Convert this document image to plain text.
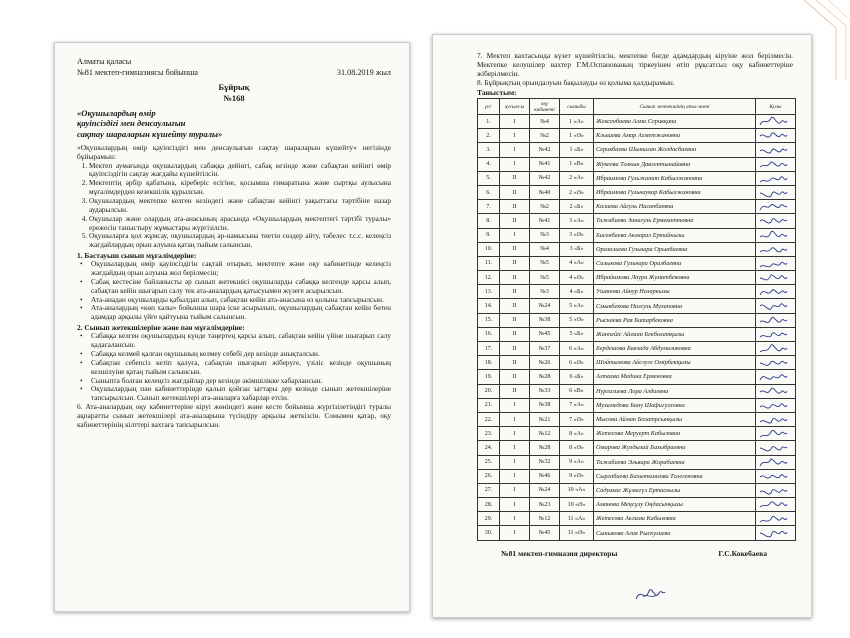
Алматы қаласы
№81 мектеп-гимназиясы бойынша	31.08.2019 жыл
Бұйрық
№168
«Оқушылардың өмір
қауіпсіздігі мен денсаулығын
сақтау шараларын күшейту туралы»

«Оқушылардың өмір қауіпсіздігі мен денсаулығын сақтау шараларын күшейту» негізінде бұйырамын:

1. Мектеп аумағында оқушылардың сабаққа дейінгі, сабақ кезінде және сабақтан кейінгі өмір қауіпсіздігін сақтау жағдайы күшейтілсін.
2. Мектептің әрбір қабатына, кіреберіс есігіне, қосымша ғимаратына және сыртқы аулысына мұғалімдерден кезекшілік құрылсын.
3. Оқушылардың мектепке келген кезіндегі және сабақтан кейінгі уақыттағы тәртібіне назар аударылсын.
4. Оқушылар және олардың ата-анасының арасында «Оқушылардың мектептегі тәртібі туралы» ережесін таныстыру жұмыстары жүргізілсін.
5. Оқушыларға қол жұмсау, оқушылардың ар-намысына тиетін сөздер айту, тәбелес т.с.с. келеңсіз жағдайлардың орын алуына қатаң тыйым салынсын.
1. Бастауыш сынып мұғалімдеріне:
• Оқушылардың өмір қауіпсіздігін сақтай отырып, мектепте және оқу кабинетінде келеңсіз жағдайдың орын алуына жол берілмесін;
• Сабақ кестесіне байланысты әр сынып жетекшісі оқушыларды сабаққа келгенде қарсы алып, сабақтан кейін шығарып салу тек ата-аналардың қатысуымен жүзеге асырылсын.
• Ата-анадан оқушыларды қабылдап алып, сабақтан кейін ата-анасына өз қолына тапсырылсын.
• Ата-аналардың «көп халы» бойынша шара іске асырылып, оқушылардың сабақтан кейін бөтен адамдар арқылы үйге қайтуына тыйым салынсын.
2. Сынып жетекшілеріне және пән мұғалімдеріне:
• Сабаққа келген оқушылардың күнде таңертең қарсы алып, сабақтан кейін үйіне шығарып салу қадағалансын.
• Сабаққа келмей қалған оқушының келмеу себебі дер кезінде анықталсын.
• Сабақтан себепсіз кетіп қалуға, сабақтан шығарып жіберуге, үзіліс кезінде оқушының кезшілуіне қатаң тыйым салынсын.
• Сыныпта болған келеңсіз жағдайлар дер кезінде әкімшілікке хабарлансын.
• Оқушылардың пән кабинеттерінде қалып қойған заттары дер кезінде сынып жетекшілеріне тапсырылсын. Сынып жетекшілері ата-аналарға хабарлар етсін.

6. Ата-аналардың оқу кабинеттеріне кіруі жөніндегі және кесте бойынша жүргізілетіндігі туралы ақпаратты сынып жетекшілері ата-аналарына түсіндіру арқылы жеткізсін. Сонымен қатар, оқу кабинеттерінің кілттері вахтаға тапсырылсын.

7. Мектеп вахтасында күзет күшейтілсін, мектепке бөгде адамдардың кіруіне жол берілмесін. Мектепке келушілер вахтер Г.М.Оспанованың тіркеуінен өтіп рұқсатсыз оқу кабинеттеріне жіберілмесін.

8. Бұйрықтың орындалуын бақылауды өз қолыма қалдырамын.

Таныстым:
р/с	аусым-ы	оқу кабинеті	сыныбы	Сынып жетекшінің аты-жөні	Қолы
1.	I	№4	1 «А»	Жексенбаева Алма Серикқана	

2.	I	№2	1 «Ә»	Клышева Амар Ахметжановна	

3.	I	№42	1 «Б»	Серикбаева Шынылан Жолдасбаевна	

4.	I	№41	1 «В»	Жукеева Толкын Давлентынайовна	

5.	II	№42	2 «А»	Ибраимова Гульжанат Кабылжановна	

6.	II	№40	2 «Ә»	Ибраимова Гульнаукар Кабылжановна	

7.	II	№2	2 «Б»	Калиева Айгуль Нисанбаевна	

8.	II	№41	3 «А»	Тажибаева Зинагуль Ермекаттовна	

9.	I	№3	3 «Ә»	Бисенбаева Акмарал Ертайкызы	

10.	II	№4	3 «Б»	Оразалиева Гульнара Орынбаевна	

11.	II	№5	4 «А»	Салыкова Гульнара Оралбаевна	

12.	II	№5	4 «Ә»	Ибрайимова Лаура Жуматбековна	

13.	II	№3	4 «Б»	Ушанова Айнур Назаркызы	

14.	II	№24	5 «А»	Смыкбекова Назгуль Мухановна	

15.	II	№38	5 «Ә»	Рыскаева Рая Битарбековна	

16.	II	№45	5 «Б»	Жанпейіс Айзман Бекболатқызы	

17.	II	№37	6 «А»	Бердешова Баязада Абдумаликовна	

18.	II	№26	6 «Ә»	Шойтымова Айслуге Омірбекқызы	

19.	II	№28	6 «Б»	Алтаева Мадина Ерменовна	

20.	II	№33	6 «В»	Нургалиева Лора Алдиевна	

21.	I	№38	7 «А»	Мухамедова Бану Шафигулловна	

22.	I	№21	7 «Ә»	Мысова Айман Болатрсынқызы	

23.	I	№12	8 «А»	Жетесова Меруерт Кабызовна	

24.	I	№28	8 «Ә»	Омарова Жулдызай Бахыбраевна	

25.	I	№32	9 «А»	Тажибаева Эльвира Жорабаевна	

26.	I	№46	9 «Ә»	Сыргабаева Бахыткиязова Толегеновна	

27.	I	№24	10 «А»	Садуакас Жұмагүл Ертаскызы	

28.	I	№23	10 «Ә»	Аманова Меңсұлу Оңдасынқызы	

29.	I	№12	11 «А»	Жетесова Аклима Кабызовна	

30.	I	№45	11 «Ә»	Сыныкова Алия Рыскулиева	
№81 мектеп-гимназия директоры	Г.С.Кокебаева
